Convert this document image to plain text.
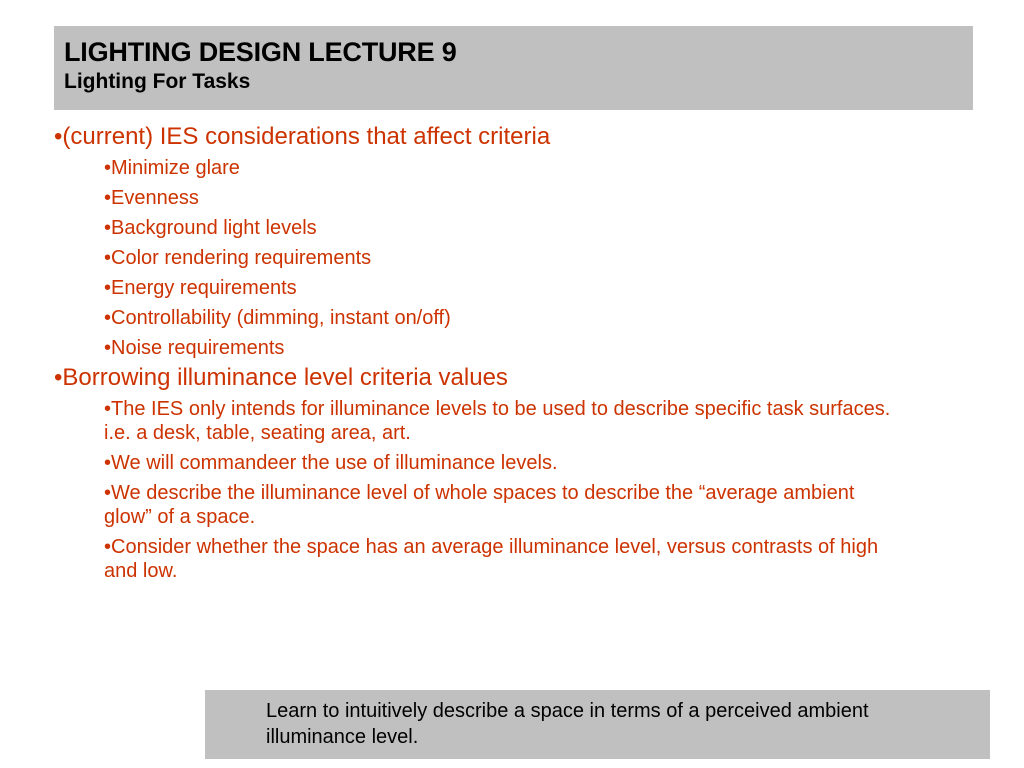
LIGHTING DESIGN LECTURE 9
Lighting For Tasks
•(current) IES considerations that affect criteria
•Minimize glare
•Evenness
•Background light levels
•Color rendering requirements
•Energy requirements
•Controllability (dimming, instant on/off)
•Noise requirements
•Borrowing illuminance level criteria values
•The IES only intends for illuminance levels to be used to describe specific task surfaces. i.e. a desk, table, seating area, art.
•We will commandeer the use of illuminance levels.
•We describe the illuminance level of whole spaces to describe the “average ambient glow” of a space.
•Consider whether the space has an average illuminance level, versus contrasts of high and low.
Learn to intuitively describe a space in terms of a perceived ambient illuminance level.
